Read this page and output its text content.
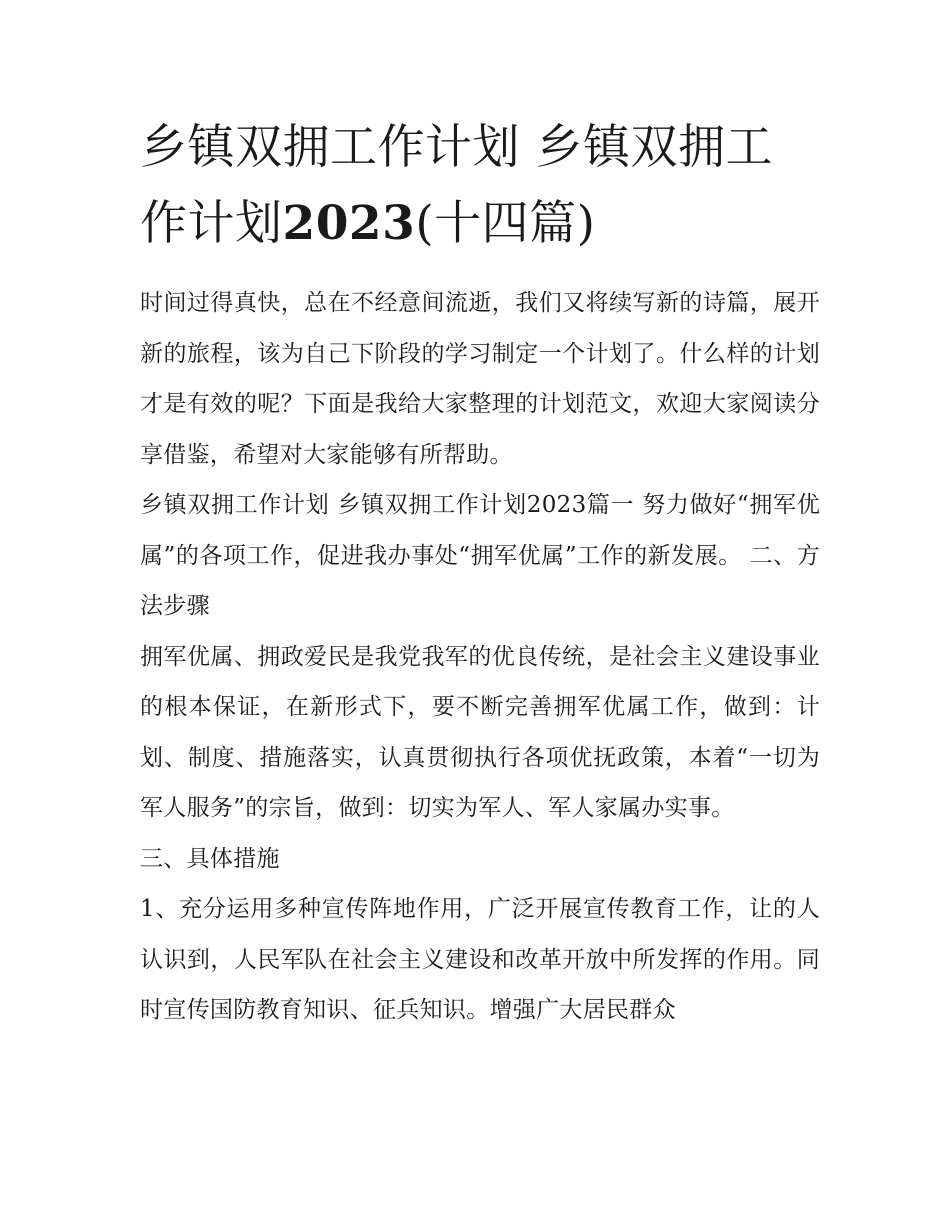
乡镇双拥工作计划 乡镇双拥工作计划2023(十四篇)

时间过得真快，总在不经意间流逝，我们又将续写新的诗篇，展开新的旅程，该为自己下阶段的学习制定一个计划了。什么样的计划才是有效的呢？下面是我给大家整理的计划范文，欢迎大家阅读分享借鉴，希望对大家能够有所帮助。

乡镇双拥工作计划 乡镇双拥工作计划2023篇一 努力做好“拥军优属”的各项工作，促进我办事处“拥军优属”工作的新发展。 二、方法步骤

拥军优属、拥政爱民是我党我军的优良传统，是社会主义建设事业的根本保证，在新形式下，要不断完善拥军优属工作，做到：计划、制度、措施落实，认真贯彻执行各项优抚政策，本着“一切为军人服务”的宗旨，做到：切实为军人、军人家属办实事。

三、具体措施

1、充分运用多种宣传阵地作用，广泛开展宣传教育工作，让的人认识到，人民军队在社会主义建设和改革开放中所发挥的作用。同时宣传国防教育知识、征兵知识。增强广大居民群众
